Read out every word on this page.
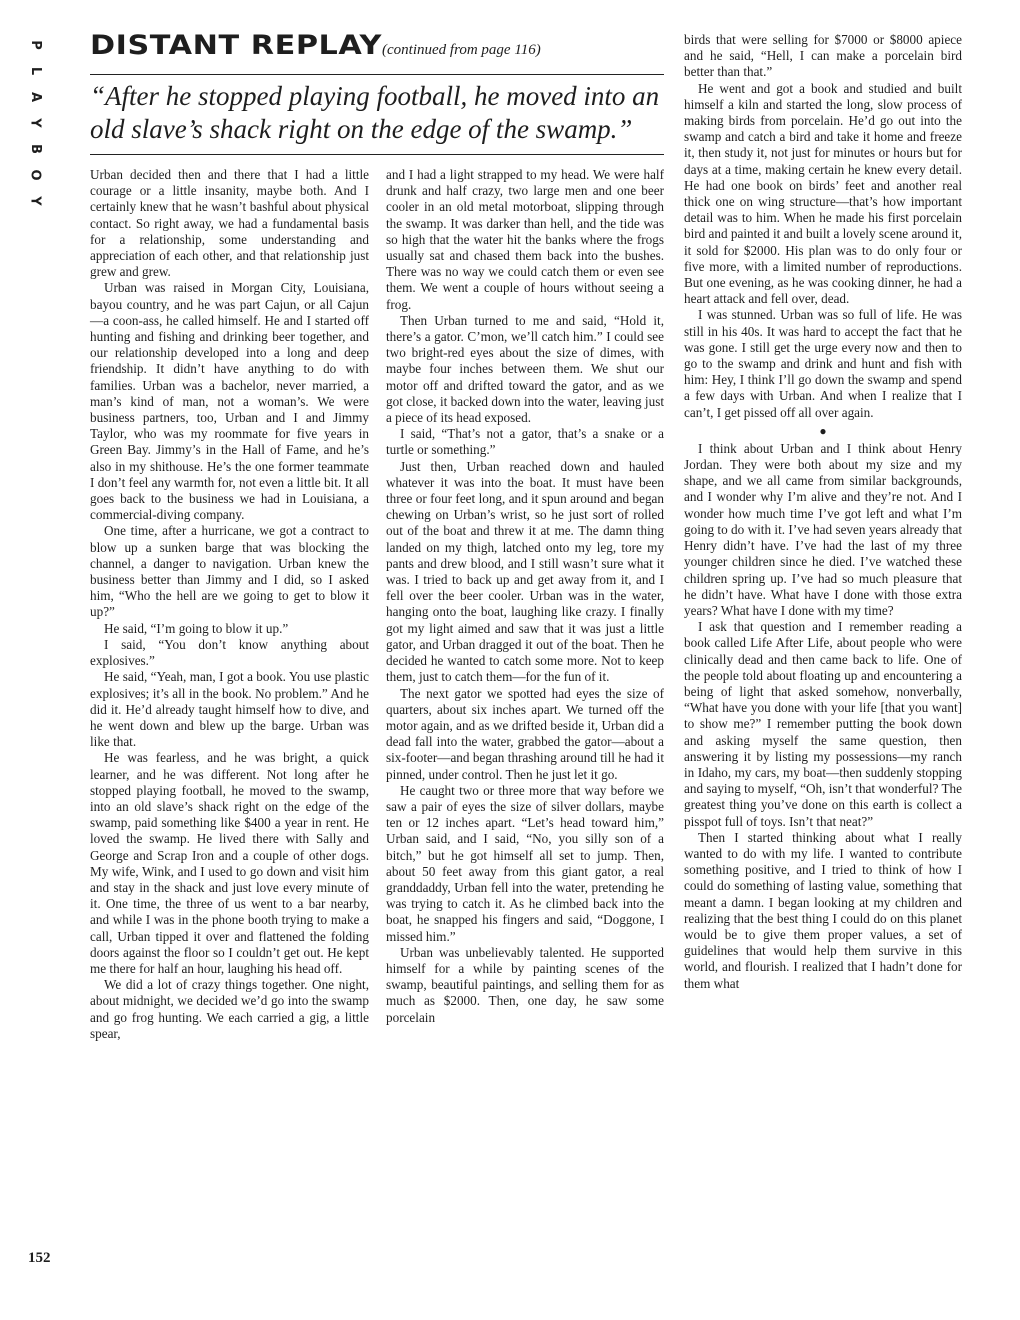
P
L
A
Y
B
O
Y
DISTANT REPLAY (continued from page 116)
“After he stopped playing football, he moved into an old slave’s shack right on the edge of the swamp.”

Urban decided then and there that I had a little courage or a little insanity, maybe both. And I certainly knew that he wasn’t bashful about physical contact. So right away, we had a fundamental basis for a relationship, some understanding and appreciation of each other, and that relationship just grew and grew.

Urban was raised in Morgan City, Louisiana, bayou country, and he was part Cajun, or all Cajun—a coon-ass, he called himself. He and I started off hunting and fishing and drinking beer together, and our relationship developed into a long and deep friendship. It didn’t have anything to do with families. Urban was a bachelor, never married, a man’s kind of man, not a woman’s. We were business partners, too, Urban and I and Jimmy Taylor, who was my roommate for five years in Green Bay. Jimmy’s in the Hall of Fame, and he’s also in my shithouse. He’s the one former teammate I don’t feel any warmth for, not even a little bit. It all goes back to the business we had in Louisiana, a commercial-diving company.

One time, after a hurricane, we got a contract to blow up a sunken barge that was blocking the channel, a danger to navigation. Urban knew the business better than Jimmy and I did, so I asked him, “Who the hell are we going to get to blow it up?”

He said, “I’m going to blow it up.”

I said, “You don’t know anything about explosives.”

He said, “Yeah, man, I got a book. You use plastic explosives; it’s all in the book. No problem.” And he did it. He’d already taught himself how to dive, and he went down and blew up the barge. Urban was like that.

He was fearless, and he was bright, a quick learner, and he was different. Not long after he stopped playing football, he moved to the swamp, into an old slave’s shack right on the edge of the swamp, paid something like $400 a year in rent. He loved the swamp. He lived there with Sally and George and Scrap Iron and a couple of other dogs. My wife, Wink, and I used to go down and visit him and stay in the shack and just love every minute of it. One time, the three of us went to a bar nearby, and while I was in the phone booth trying to make a call, Urban tipped it over and flattened the folding doors against the floor so I couldn’t get out. He kept me there for half an hour, laughing his head off.

We did a lot of crazy things together. One night, about midnight, we decided we’d go into the swamp and go frog hunting. We each carried a gig, a little spear,

and I had a light strapped to my head. We were half drunk and half crazy, two large men and one beer cooler in an old metal motorboat, slipping through the swamp. It was darker than hell, and the tide was so high that the water hit the banks where the frogs usually sat and chased them back into the bushes. There was no way we could catch them or even see them. We went a couple of hours without seeing a frog.

Then Urban turned to me and said, “Hold it, there’s a gator. C’mon, we’ll catch him.” I could see two bright-red eyes about the size of dimes, with maybe four inches between them. We shut our motor off and drifted toward the gator, and as we got close, it backed down into the water, leaving just a piece of its head exposed.

I said, “That’s not a gator, that’s a snake or a turtle or something.”

Just then, Urban reached down and hauled whatever it was into the boat. It must have been three or four feet long, and it spun around and began chewing on Urban’s wrist, so he just sort of rolled out of the boat and threw it at me. The damn thing landed on my thigh, latched onto my leg, tore my pants and drew blood, and I still wasn’t sure what it was. I tried to back up and get away from it, and I fell over the beer cooler. Urban was in the water, hanging onto the boat, laughing like crazy. I finally got my light aimed and saw that it was just a little gator, and Urban dragged it out of the boat. Then he decided he wanted to catch some more. Not to keep them, just to catch them—for the fun of it.

The next gator we spotted had eyes the size of quarters, about six inches apart. We turned off the motor again, and as we drifted beside it, Urban did a dead fall into the water, grabbed the gator—about a six-footer—and began thrashing around till he had it pinned, under control. Then he just let it go.

He caught two or three more that way before we saw a pair of eyes the size of silver dollars, maybe ten or 12 inches apart. “Let’s head toward him,” Urban said, and I said, “No, you silly son of a bitch,” but he got himself all set to jump. Then, about 50 feet away from this giant gator, a real granddaddy, Urban fell into the water, pretending he was trying to catch it. As he climbed back into the boat, he snapped his fingers and said, “Doggone, I missed him.”

Urban was unbelievably talented. He supported himself for a while by painting scenes of the swamp, beautiful paintings, and selling them for as much as $2000. Then, one day, he saw some porcelain

birds that were selling for $7000 or $8000 apiece and he said, “Hell, I can make a porcelain bird better than that.”

He went and got a book and studied and built himself a kiln and started the long, slow process of making birds from porcelain. He’d go out into the swamp and catch a bird and take it home and freeze it, then study it, not just for minutes or hours but for days at a time, making certain he knew every detail. He had one book on birds’ feet and another real thick one on wing structure—that’s how important detail was to him. When he made his first porcelain bird and painted it and built a lovely scene around it, it sold for $2000. His plan was to do only four or five more, with a limited number of reproductions. But one evening, as he was cooking dinner, he had a heart attack and fell over, dead.

I was stunned. Urban was so full of life. He was still in his 40s. It was hard to accept the fact that he was gone. I still get the urge every now and then to go to the swamp and drink and hunt and fish with him: Hey, I think I’ll go down the swamp and spend a few days with Urban. And when I realize that I can’t, I get pissed off all over again.

●

I think about Urban and I think about Henry Jordan. They were both about my size and my shape, and we all came from similar backgrounds, and I wonder why I’m alive and they’re not. And I wonder how much time I’ve got left and what I’m going to do with it. I’ve had seven years already that Henry didn’t have. I’ve had the last of my three younger children since he died. I’ve watched these children spring up. I’ve had so much pleasure that he didn’t have. What have I done with those extra years? What have I done with my time?

I ask that question and I remember reading a book called Life After Life, about people who were clinically dead and then came back to life. One of the people told about floating up and encountering a being of light that asked somehow, nonverbally, “What have you done with your life [that you want] to show me?” I remember putting the book down and asking myself the same question, then answering it by listing my possessions—my ranch in Idaho, my cars, my boat—then suddenly stopping and saying to myself, “Oh, isn’t that wonderful? The greatest thing you’ve done on this earth is collect a pisspot full of toys. Isn’t that neat?”

Then I started thinking about what I really wanted to do with my life. I wanted to contribute something positive, and I tried to think of how I could do something of lasting value, something that meant a damn. I began looking at my children and realizing that the best thing I could do on this planet would be to give them proper values, a set of guidelines that would help them survive in this world, and flourish. I realized that I hadn’t done for them what

152
